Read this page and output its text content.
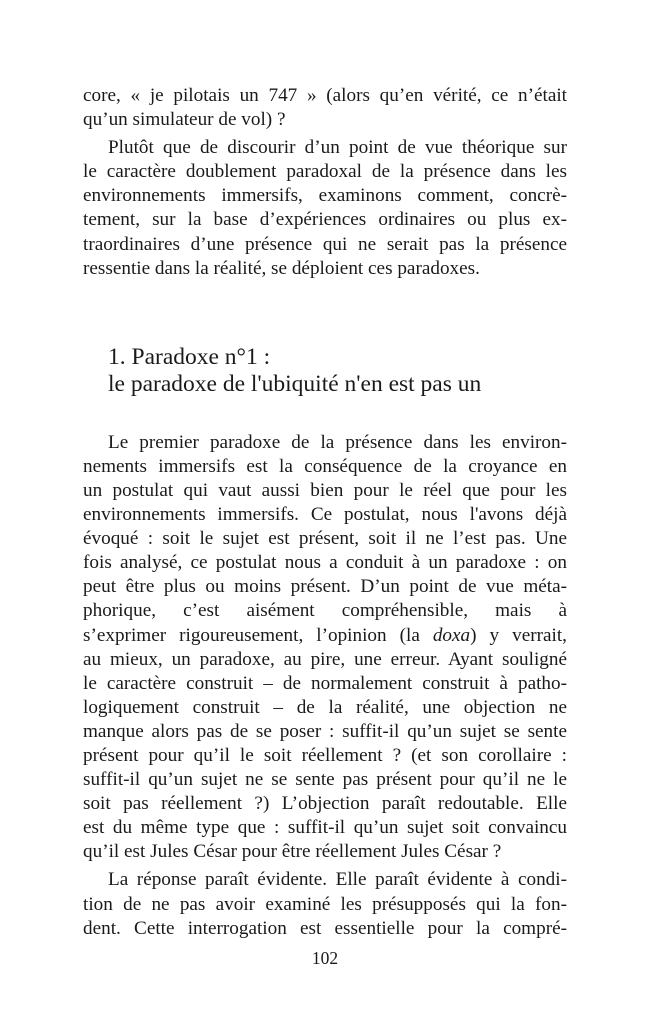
core, « je pilotais un 747 » (alors qu’en vérité, ce n’était
qu’un simulateur de vol) ?

Plutôt que de discourir d’un point de vue théorique sur
le caractère doublement paradoxal de la présence dans les
environnements immersifs, examinons comment, concrè-
tement, sur la base d’expériences ordinaires ou plus ex-
traordinaires d’une présence qui ne serait pas la présence
ressentie dans la réalité, se déploient ces paradoxes.

1. Paradoxe n°1 :
le paradoxe de l'ubiquité n'en est pas un

Le premier paradoxe de la présence dans les environ-
nements immersifs est la conséquence de la croyance en
un postulat qui vaut aussi bien pour le réel que pour les
environnements immersifs. Ce postulat, nous l'avons déjà
évoqué : soit le sujet est présent, soit il ne l’est pas. Une
fois analysé, ce postulat nous a conduit à un paradoxe : on
peut être plus ou moins présent. D’un point de vue méta-
phorique, c’est aisément compréhensible, mais à
s’exprimer rigoureusement, l’opinion (la doxa) y verrait,
au mieux, un paradoxe, au pire, une erreur. Ayant souligné
le caractère construit – de normalement construit à patho-
logiquement construit – de la réalité, une objection ne
manque alors pas de se poser : suffit-il qu’un sujet se sente
présent pour qu’il le soit réellement ? (et son corollaire :
suffit-il qu’un sujet ne se sente pas présent pour qu’il ne le
soit pas réellement ?) L’objection paraît redoutable. Elle
est du même type que : suffit-il qu’un sujet soit convaincu
qu’il est Jules César pour être réellement Jules César ?

La réponse paraît évidente. Elle paraît évidente à condi-
tion de ne pas avoir examiné les présupposés qui la fon-
dent. Cette interrogation est essentielle pour la compré-

102
